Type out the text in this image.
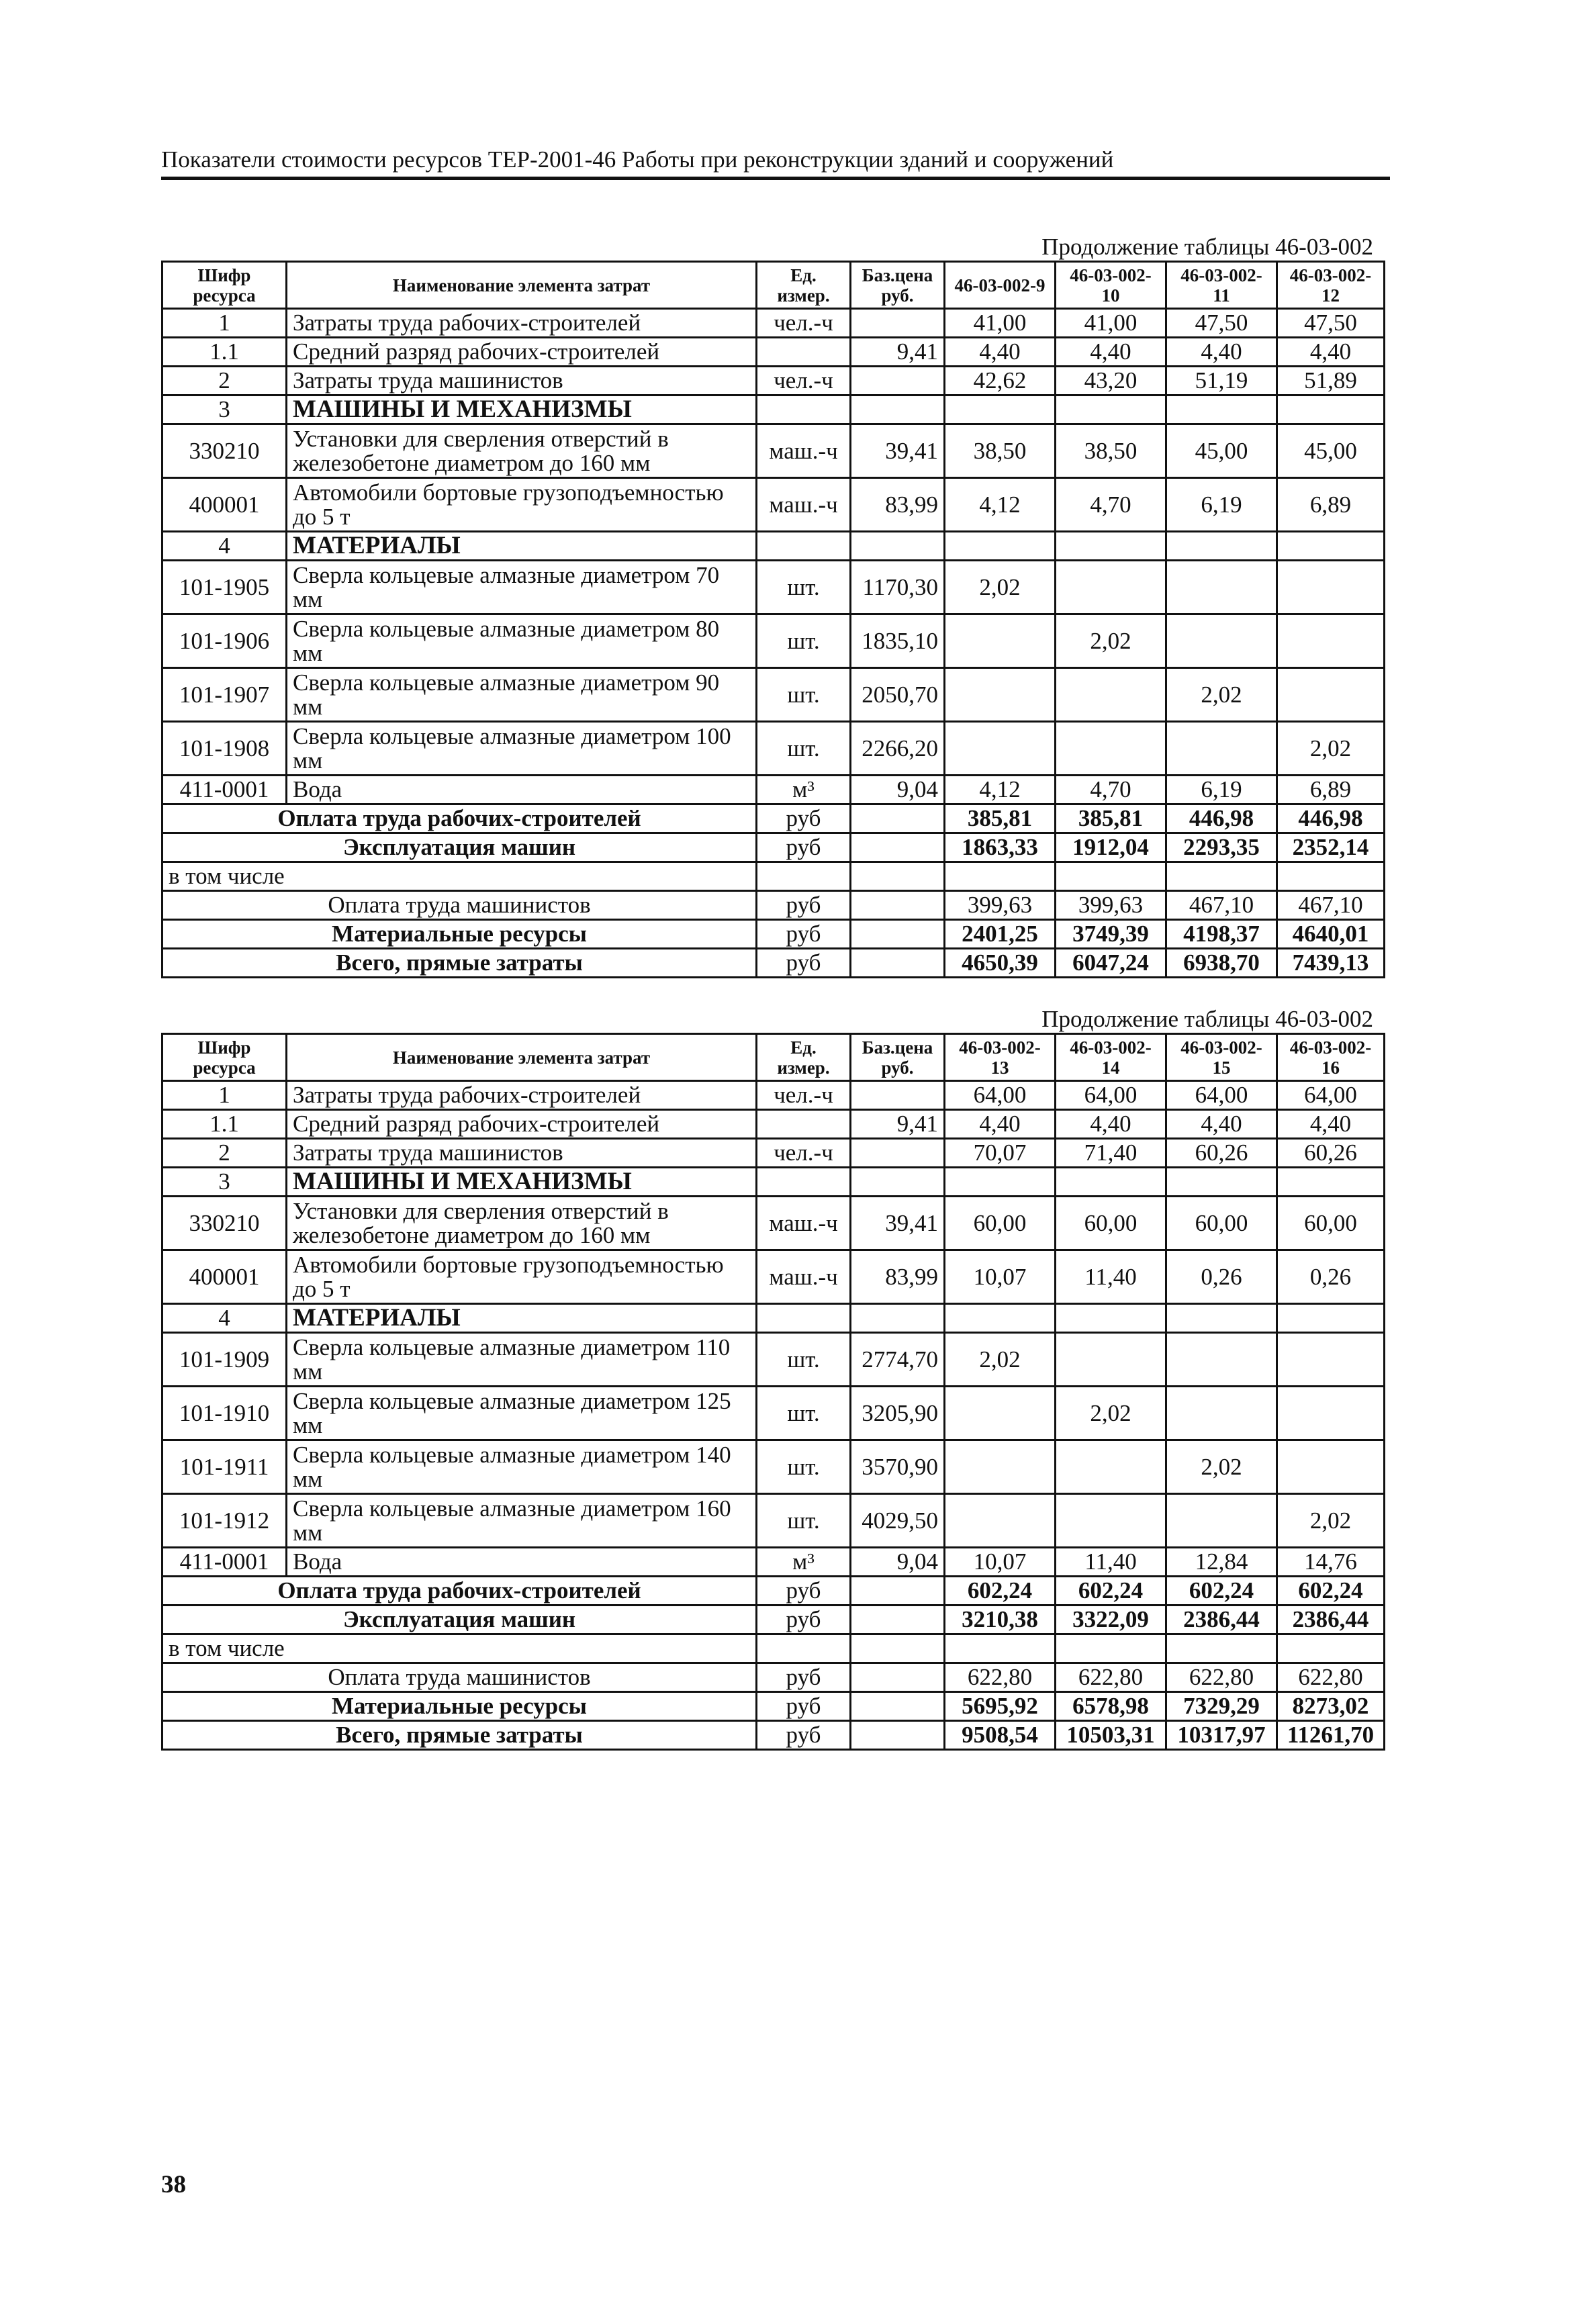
Показатели стоимости ресурсов ТЕР-2001-46 Работы при реконструкции зданий и сооружений
Продолжение таблицы 46-03-002
Шифр ресурса	Наименование элемента затрат	Ед. измер.	Баз.цена руб.	46-03-002-9	46-03-002-10	46-03-002-11	46-03-002-12
1	Затраты труда рабочих-строителей	чел.-ч		41,00	41,00	47,50	47,50
1.1	Средний разряд рабочих-строителей		9,41	4,40	4,40	4,40	4,40
2	Затраты труда машинистов	чел.-ч		42,62	43,20	51,19	51,89
3	МАШИНЫ И МЕХАНИЗМЫ						
330210	Установки для сверления отверстий в железобетоне диаметром до 160 мм	маш.-ч	39,41	38,50	38,50	45,00	45,00
400001	Автомобили бортовые грузоподъемностью до 5 т	маш.-ч	83,99	4,12	4,70	6,19	6,89
4	МАТЕРИАЛЫ						
101-1905	Сверла кольцевые алмазные диаметром 70 мм	шт.	1170,30	2,02			
101-1906	Сверла кольцевые алмазные диаметром 80 мм	шт.	1835,10		2,02		
101-1907	Сверла кольцевые алмазные диаметром 90 мм	шт.	2050,70			2,02	
101-1908	Сверла кольцевые алмазные диаметром 100 мм	шт.	2266,20				2,02
411-0001	Вода	м³	9,04	4,12	4,70	6,19	6,89
Оплата труда рабочих-строителей		руб		385,81	385,81	446,98	446,98
Эксплуатация машин		руб		1863,33	1912,04	2293,35	2352,14
в том числе							
Оплата труда машинистов		руб		399,63	399,63	467,10	467,10
Материальные ресурсы		руб		2401,25	3749,39	4198,37	4640,01
Всего, прямые затраты		руб		4650,39	6047,24	6938,70	7439,13
Продолжение таблицы 46-03-002
Шифр ресурса	Наименование элемента затрат	Ед. измер.	Баз.цена руб.	46-03-002-13	46-03-002-14	46-03-002-15	46-03-002-16
1	Затраты труда рабочих-строителей	чел.-ч		64,00	64,00	64,00	64,00
1.1	Средний разряд рабочих-строителей		9,41	4,40	4,40	4,40	4,40
2	Затраты труда машинистов	чел.-ч		70,07	71,40	60,26	60,26
3	МАШИНЫ И МЕХАНИЗМЫ						
330210	Установки для сверления отверстий в железобетоне диаметром до 160 мм	маш.-ч	39,41	60,00	60,00	60,00	60,00
400001	Автомобили бортовые грузоподъемностью до 5 т	маш.-ч	83,99	10,07	11,40	0,26	0,26
4	МАТЕРИАЛЫ						
101-1909	Сверла кольцевые алмазные диаметром 110 мм	шт.	2774,70	2,02			
101-1910	Сверла кольцевые алмазные диаметром 125 мм	шт.	3205,90		2,02		
101-1911	Сверла кольцевые алмазные диаметром 140 мм	шт.	3570,90			2,02	
101-1912	Сверла кольцевые алмазные диаметром 160 мм	шт.	4029,50				2,02
411-0001	Вода	м³	9,04	10,07	11,40	12,84	14,76
Оплата труда рабочих-строителей		руб		602,24	602,24	602,24	602,24
Эксплуатация машин		руб		3210,38	3322,09	2386,44	2386,44
в том числе							
Оплата труда машинистов		руб		622,80	622,80	622,80	622,80
Материальные ресурсы		руб		5695,92	6578,98	7329,29	8273,02
Всего, прямые затраты		руб		9508,54	10503,31	10317,97	11261,70
38
